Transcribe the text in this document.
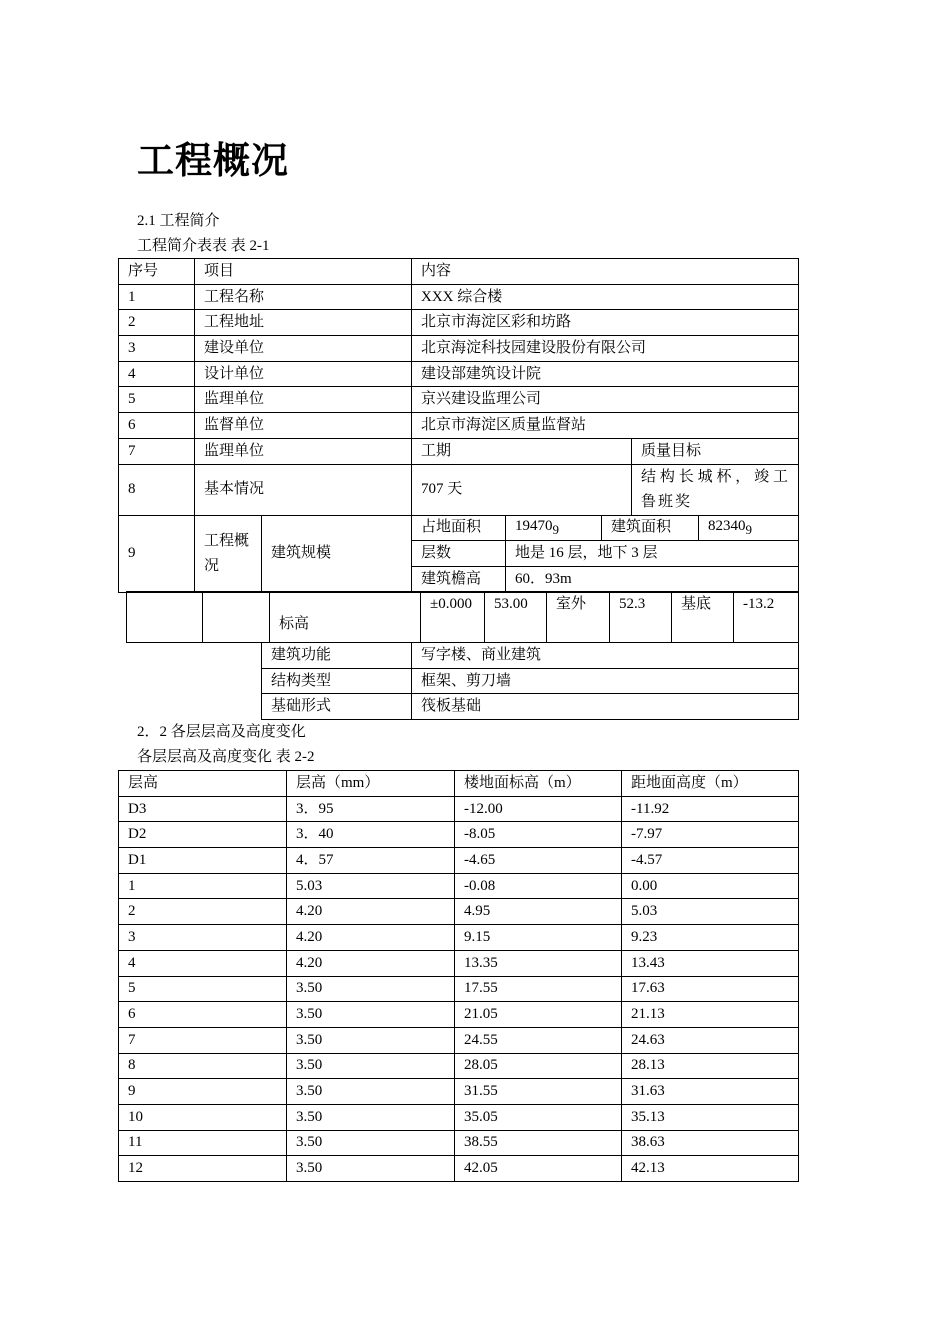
工程概况
2.1 工程简介
工程简介表表 表 2-1
序号	项目		内容				
1	工程名称		XXX 综合楼				
2	工程地址		北京市海淀区彩和坊路				
3	建设单位		北京海淀科技园建设股份有限公司				
4	设计单位		建设部建筑设计院				
5	监理单位		京兴建设监理公司				
6	监督单位		北京市海淀区质量监督站				
7	监理单位		工期			质量目标	
8	基本情况		707 天			结构长城杯，竣工鲁班奖	
9	工程概况	建筑规模	占地面积	$19470_9$	建筑面积		$82340_9$
			层数	地是 16 层，地下 3 层			
			建筑檐高	60．93m			
		标高	±0.000	53.00	室外	52.3	基底	-13.2
建筑功能	写字楼、商业建筑
结构类型	框架、剪刀墙
基础形式	筏板基础
2．2 各层层高及高度变化
各层层高及高度变化 表 2-2
层高	层高（mm）	楼地面标高（m）	距地面高度（m）
D3	3．95	-12.00	-11.92
D2	3．40	-8.05	-7.97
D1	4．57	-4.65	-4.57
1	5.03	-0.08	0.00
2	4.20	4.95	5.03
3	4.20	9.15	9.23
4	4.20	13.35	13.43
5	3.50	17.55	17.63
6	3.50	21.05	21.13
7	3.50	24.55	24.63
8	3.50	28.05	28.13
9	3.50	31.55	31.63
10	3.50	35.05	35.13
11	3.50	38.55	38.63
12	3.50	42.05	42.13
